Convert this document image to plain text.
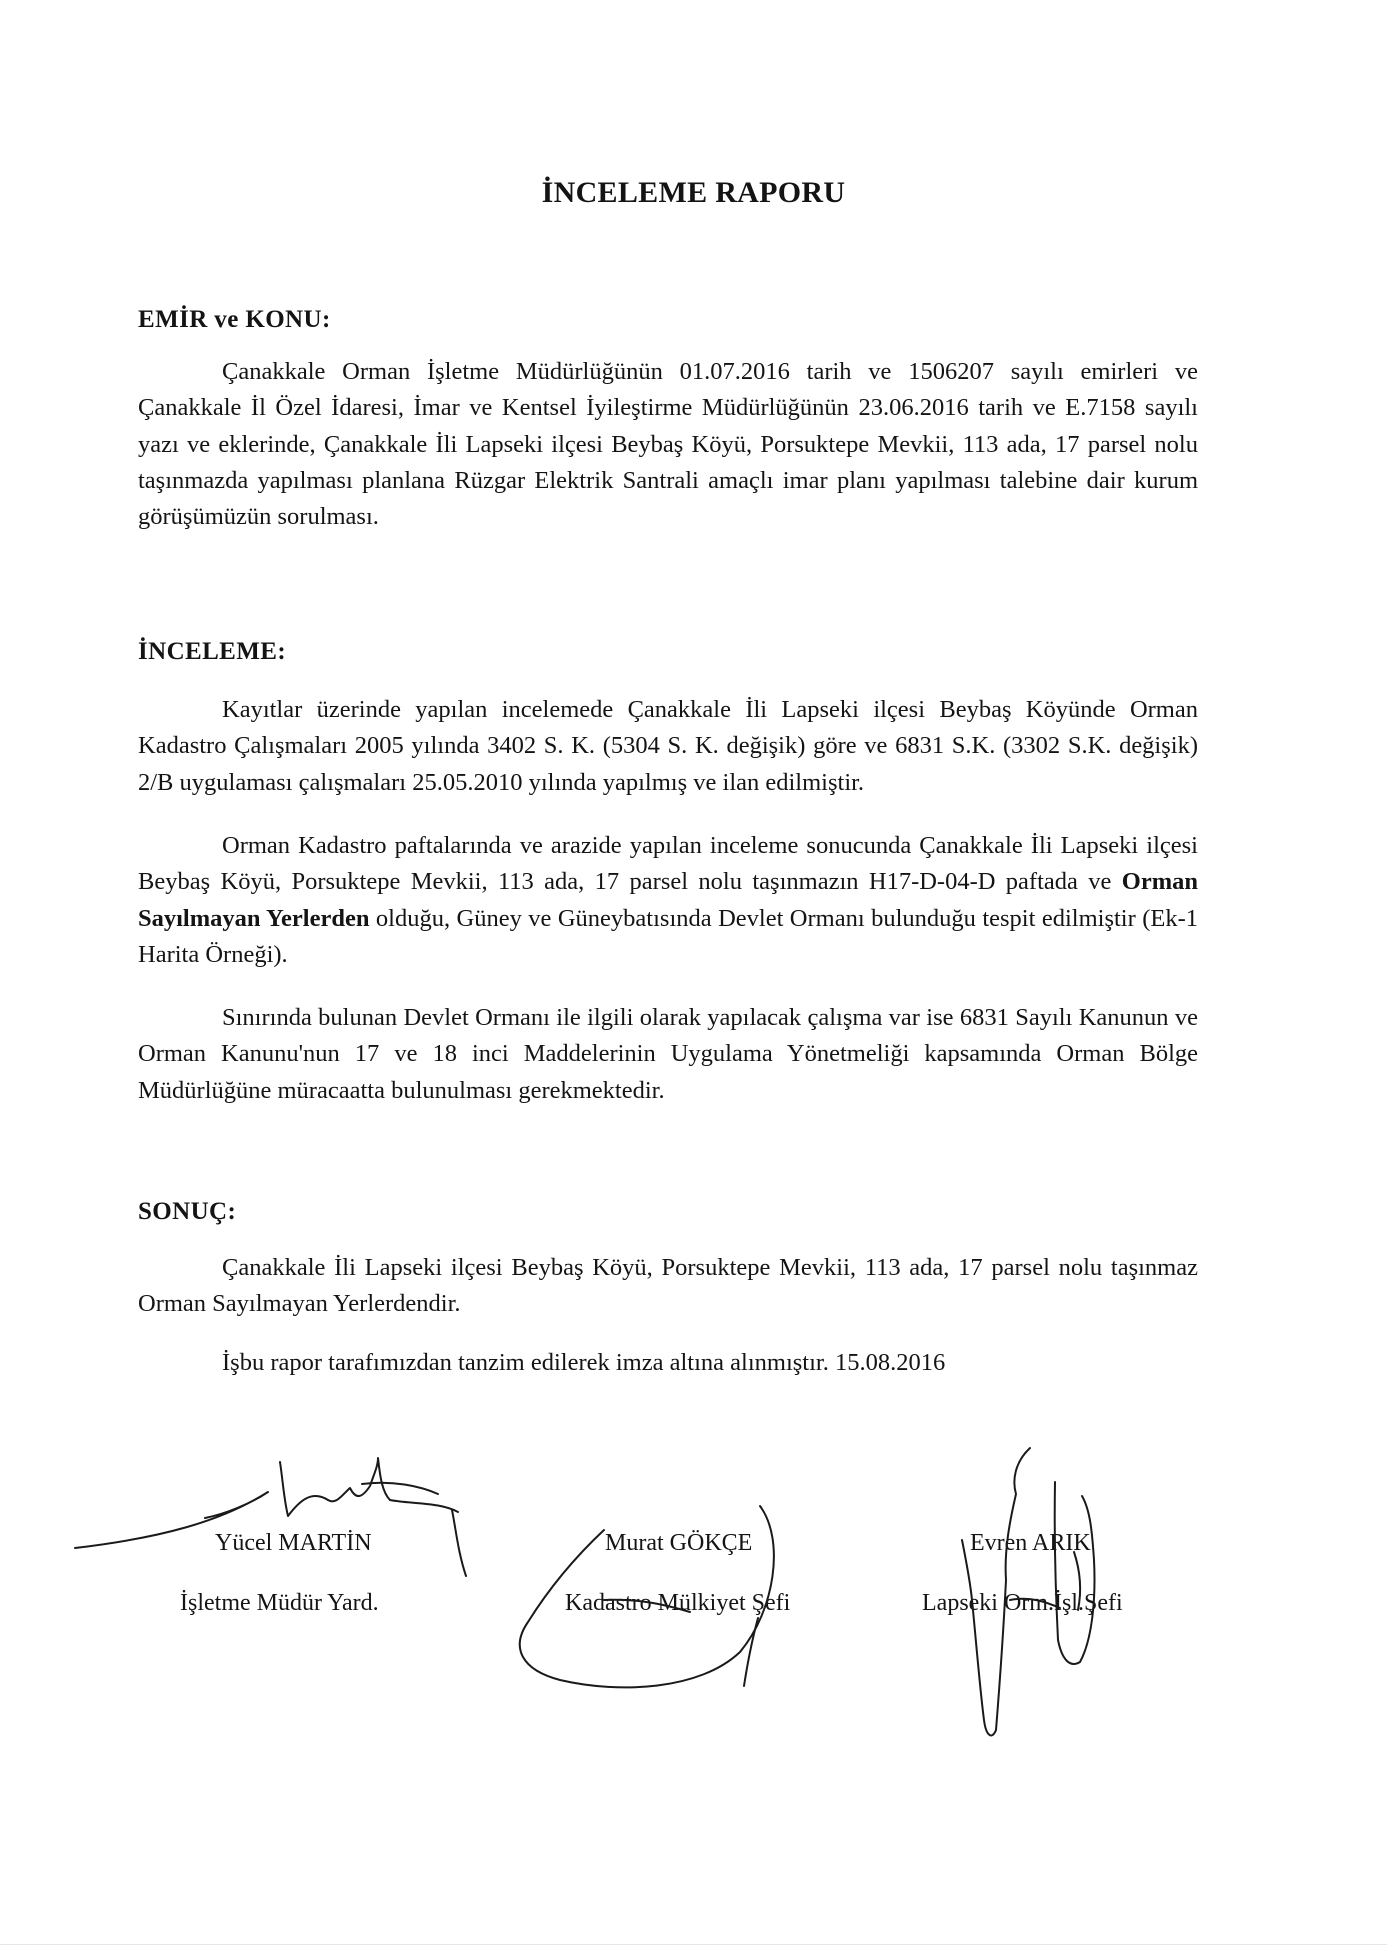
İNCELEME RAPORU
EMİR ve KONU:
Çanakkale Orman İşletme Müdürlüğünün 01.07.2016 tarih ve 1506207 sayılı emirleri ve Çanakkale İl Özel İdaresi, İmar ve Kentsel İyileştirme Müdürlüğünün 23.06.2016 tarih ve E.7158 sayılı yazı ve eklerinde, Çanakkale İli Lapseki ilçesi Beybaş Köyü, Porsuktepe Mevkii, 113 ada, 17 parsel nolu taşınmazda yapılması planlana Rüzgar Elektrik Santrali amaçlı imar planı yapılması talebine dair kurum görüşümüzün sorulması.
İNCELEME:
Kayıtlar üzerinde yapılan incelemede Çanakkale İli Lapseki ilçesi Beybaş Köyünde Orman Kadastro Çalışmaları 2005 yılında 3402 S. K. (5304 S. K. değişik) göre ve 6831 S.K. (3302 S.K. değişik) 2/B uygulaması çalışmaları 25.05.2010 yılında yapılmış ve ilan edilmiştir.
Orman Kadastro paftalarında ve arazide yapılan inceleme sonucunda Çanakkale İli Lapseki ilçesi Beybaş Köyü, Porsuktepe Mevkii, 113 ada, 17 parsel nolu taşınmazın H17-D-04-D paftada ve Orman Sayılmayan Yerlerden olduğu, Güney ve Güneybatısında Devlet Ormanı bulunduğu tespit edilmiştir (Ek-1 Harita Örneği).
Sınırında bulunan Devlet Ormanı ile ilgili olarak yapılacak çalışma var ise 6831 Sayılı Kanunun ve Orman Kanunu'nun 17 ve 18 inci Maddelerinin Uygulama Yönetmeliği kapsamında Orman Bölge Müdürlüğüne müracaatta bulunulması gerekmektedir.
SONUÇ:
Çanakkale İli Lapseki ilçesi Beybaş Köyü, Porsuktepe Mevkii, 113 ada, 17 parsel nolu taşınmaz Orman Sayılmayan Yerlerdendir.
İşbu rapor tarafımızdan tanzim edilerek imza altına alınmıştır. 15.08.2016
Yücel MARTİN
İşletme Müdür Yard.
Murat GÖKÇE
Kadastro Mülkiyet Şefi
Evren ARIK
Lapseki Orm.İşl.Şefi
